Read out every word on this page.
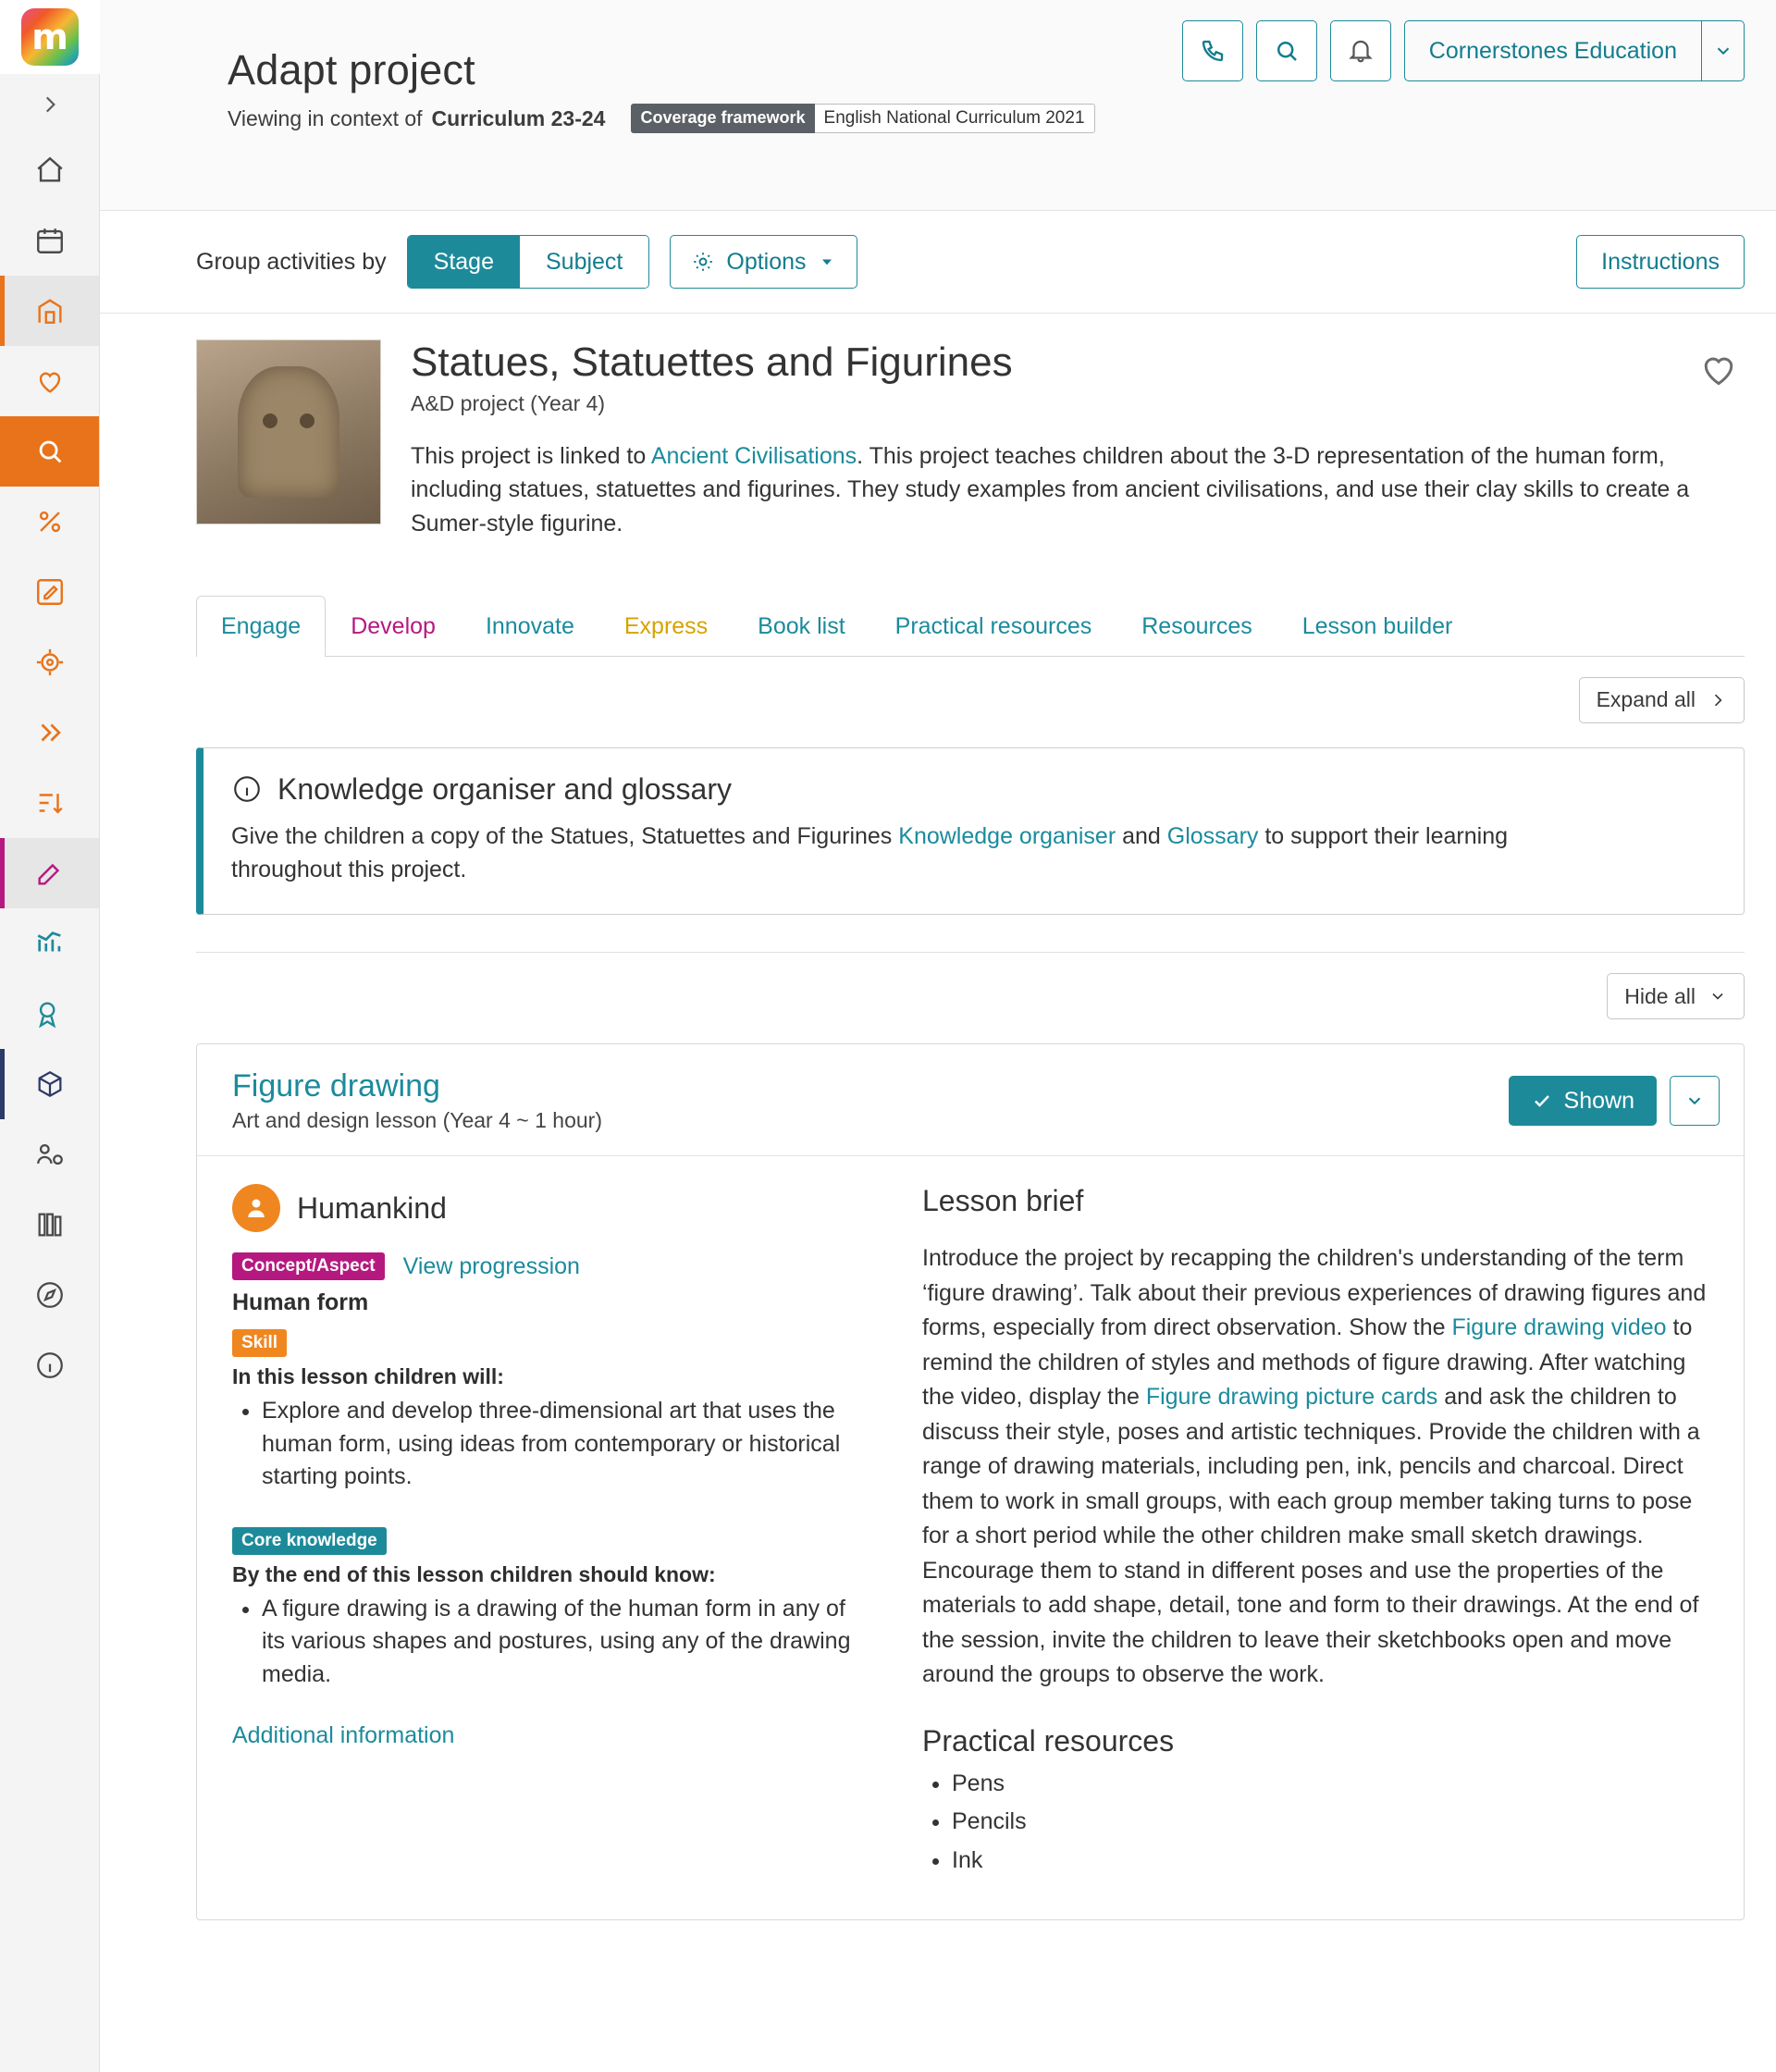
m	Cornerstones Education
Adapt project
Viewing in context of Curriculum 23-24	Coverage framework	English National Curriculum 2021
Group activities by	Stage	Subject	Options	Instructions
Statues, Statuettes and Figurines
A&D project (Year 4)

This project is linked to Ancient Civilisations. This project teaches children about the 3-D representation of the human form, including statues, statuettes and figurines. They study examples from ancient civilisations, and use their clay skills to create a Sumer-style figurine.

Engage	Develop	Innovate	Express	Book list	Practical resources	Resources	Lesson builder
Expand all
Knowledge organiser and glossary
Give the children a copy of the Statues, Statuettes and Figurines Knowledge organiser and Glossary to support their learning throughout this project.
Hide all
Figure drawing
Art and design lesson (Year 4 ~ 1 hour)
Shown
Humankind
Concept/Aspect	View progression
Human form
Skill
In this lesson children will:
• Explore and develop three-dimensional art that uses the human form, using ideas from contemporary or historical starting points.
Core knowledge
By the end of this lesson children should know:
• A figure drawing is a drawing of the human form in any of its various shapes and postures, using any of the drawing media.
Additional information
Lesson brief

Introduce the project by recapping the children's understanding of the term ‘figure drawing’. Talk about their previous experiences of drawing figures and forms, especially from direct observation. Show the Figure drawing video to remind the children of styles and methods of figure drawing. After watching the video, display the Figure drawing picture cards and ask the children to discuss their style, poses and artistic techniques. Provide the children with a range of drawing materials, including pen, ink, pencils and charcoal. Direct them to work in small groups, with each group member taking turns to pose for a short period while the other children make small sketch drawings. Encourage them to stand in different poses and use the properties of the materials to add shape, detail, tone and form to their drawings. At the end of the session, invite the children to leave their sketchbooks open and move around the groups to observe the work.

Practical resources
• Pens
• Pencils
• Ink
